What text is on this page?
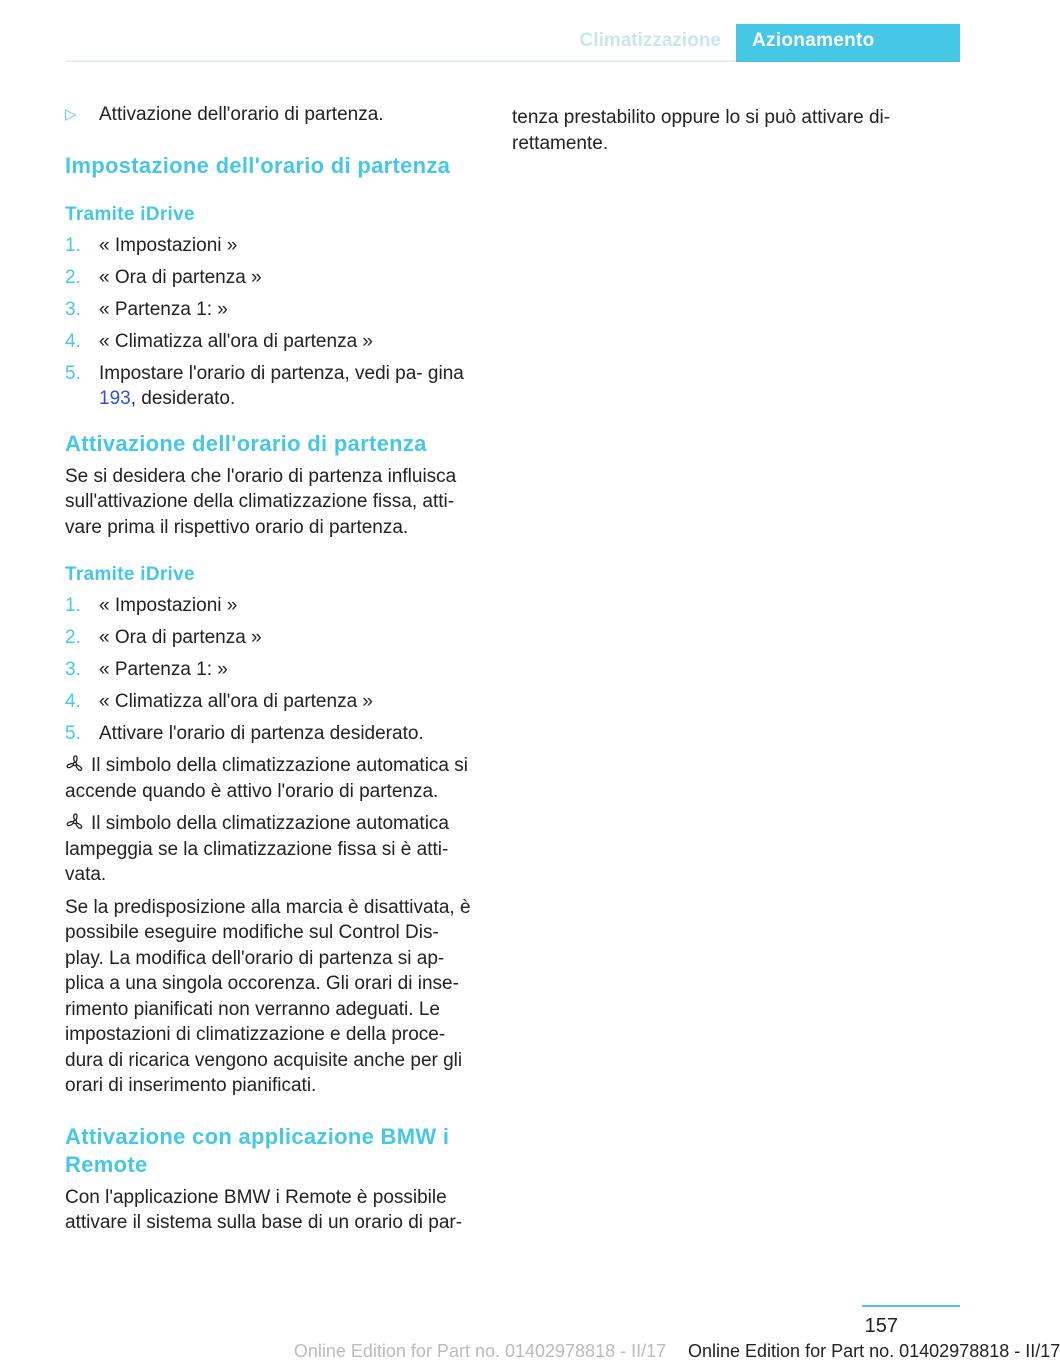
Climatizzazione Azionamento
▷	Attivazione dell'orario di partenza.
Impostazione dell'orario di partenza
Tramite iDrive
1. « Impostazioni »
2. « Ora di partenza »
3. « Partenza 1: »
4. « Climatizza all'ora di partenza »
5. Impostare l'orario di partenza, vedi pa‐ gina 193, desiderato.
Attivazione dell'orario di partenza

Se si desidera che l'orario di partenza influisca sull'attivazione della climatizzazione fissa, atti‐ vare prima il rispettivo orario di partenza.

Tramite iDrive
1. « Impostazioni »
2. « Ora di partenza »
3. « Partenza 1: »
4. « Climatizza all'ora di partenza »
5. Attivare l'orario di partenza desiderato.

Il simbolo della climatizzazione automatica si accende quando è attivo l'orario di partenza.

Il simbolo della climatizzazione automatica lampeggia se la climatizzazione fissa si è atti‐ vata.

Se la predisposizione alla marcia è disattivata, è possibile eseguire modifiche sul Control Dis‐ play. La modifica dell'orario di partenza si ap‐ plica a una singola occorenza. Gli orari di inse‐ rimento pianificati non verranno adeguati. Le impostazioni di climatizzazione e della proce‐ dura di ricarica vengono acquisite anche per gli orari di inserimento pianificati.

Attivazione con applicazione BMW i Remote

Con l'applicazione BMW i Remote è possibile attivare il sistema sulla base di un orario di par‐

tenza prestabilito oppure lo si può attivare di‐ rettamente.

157
Online Edition for Part no. 01402978818 - II/17	Online Edition for Part no. 01402978818 - II/17
